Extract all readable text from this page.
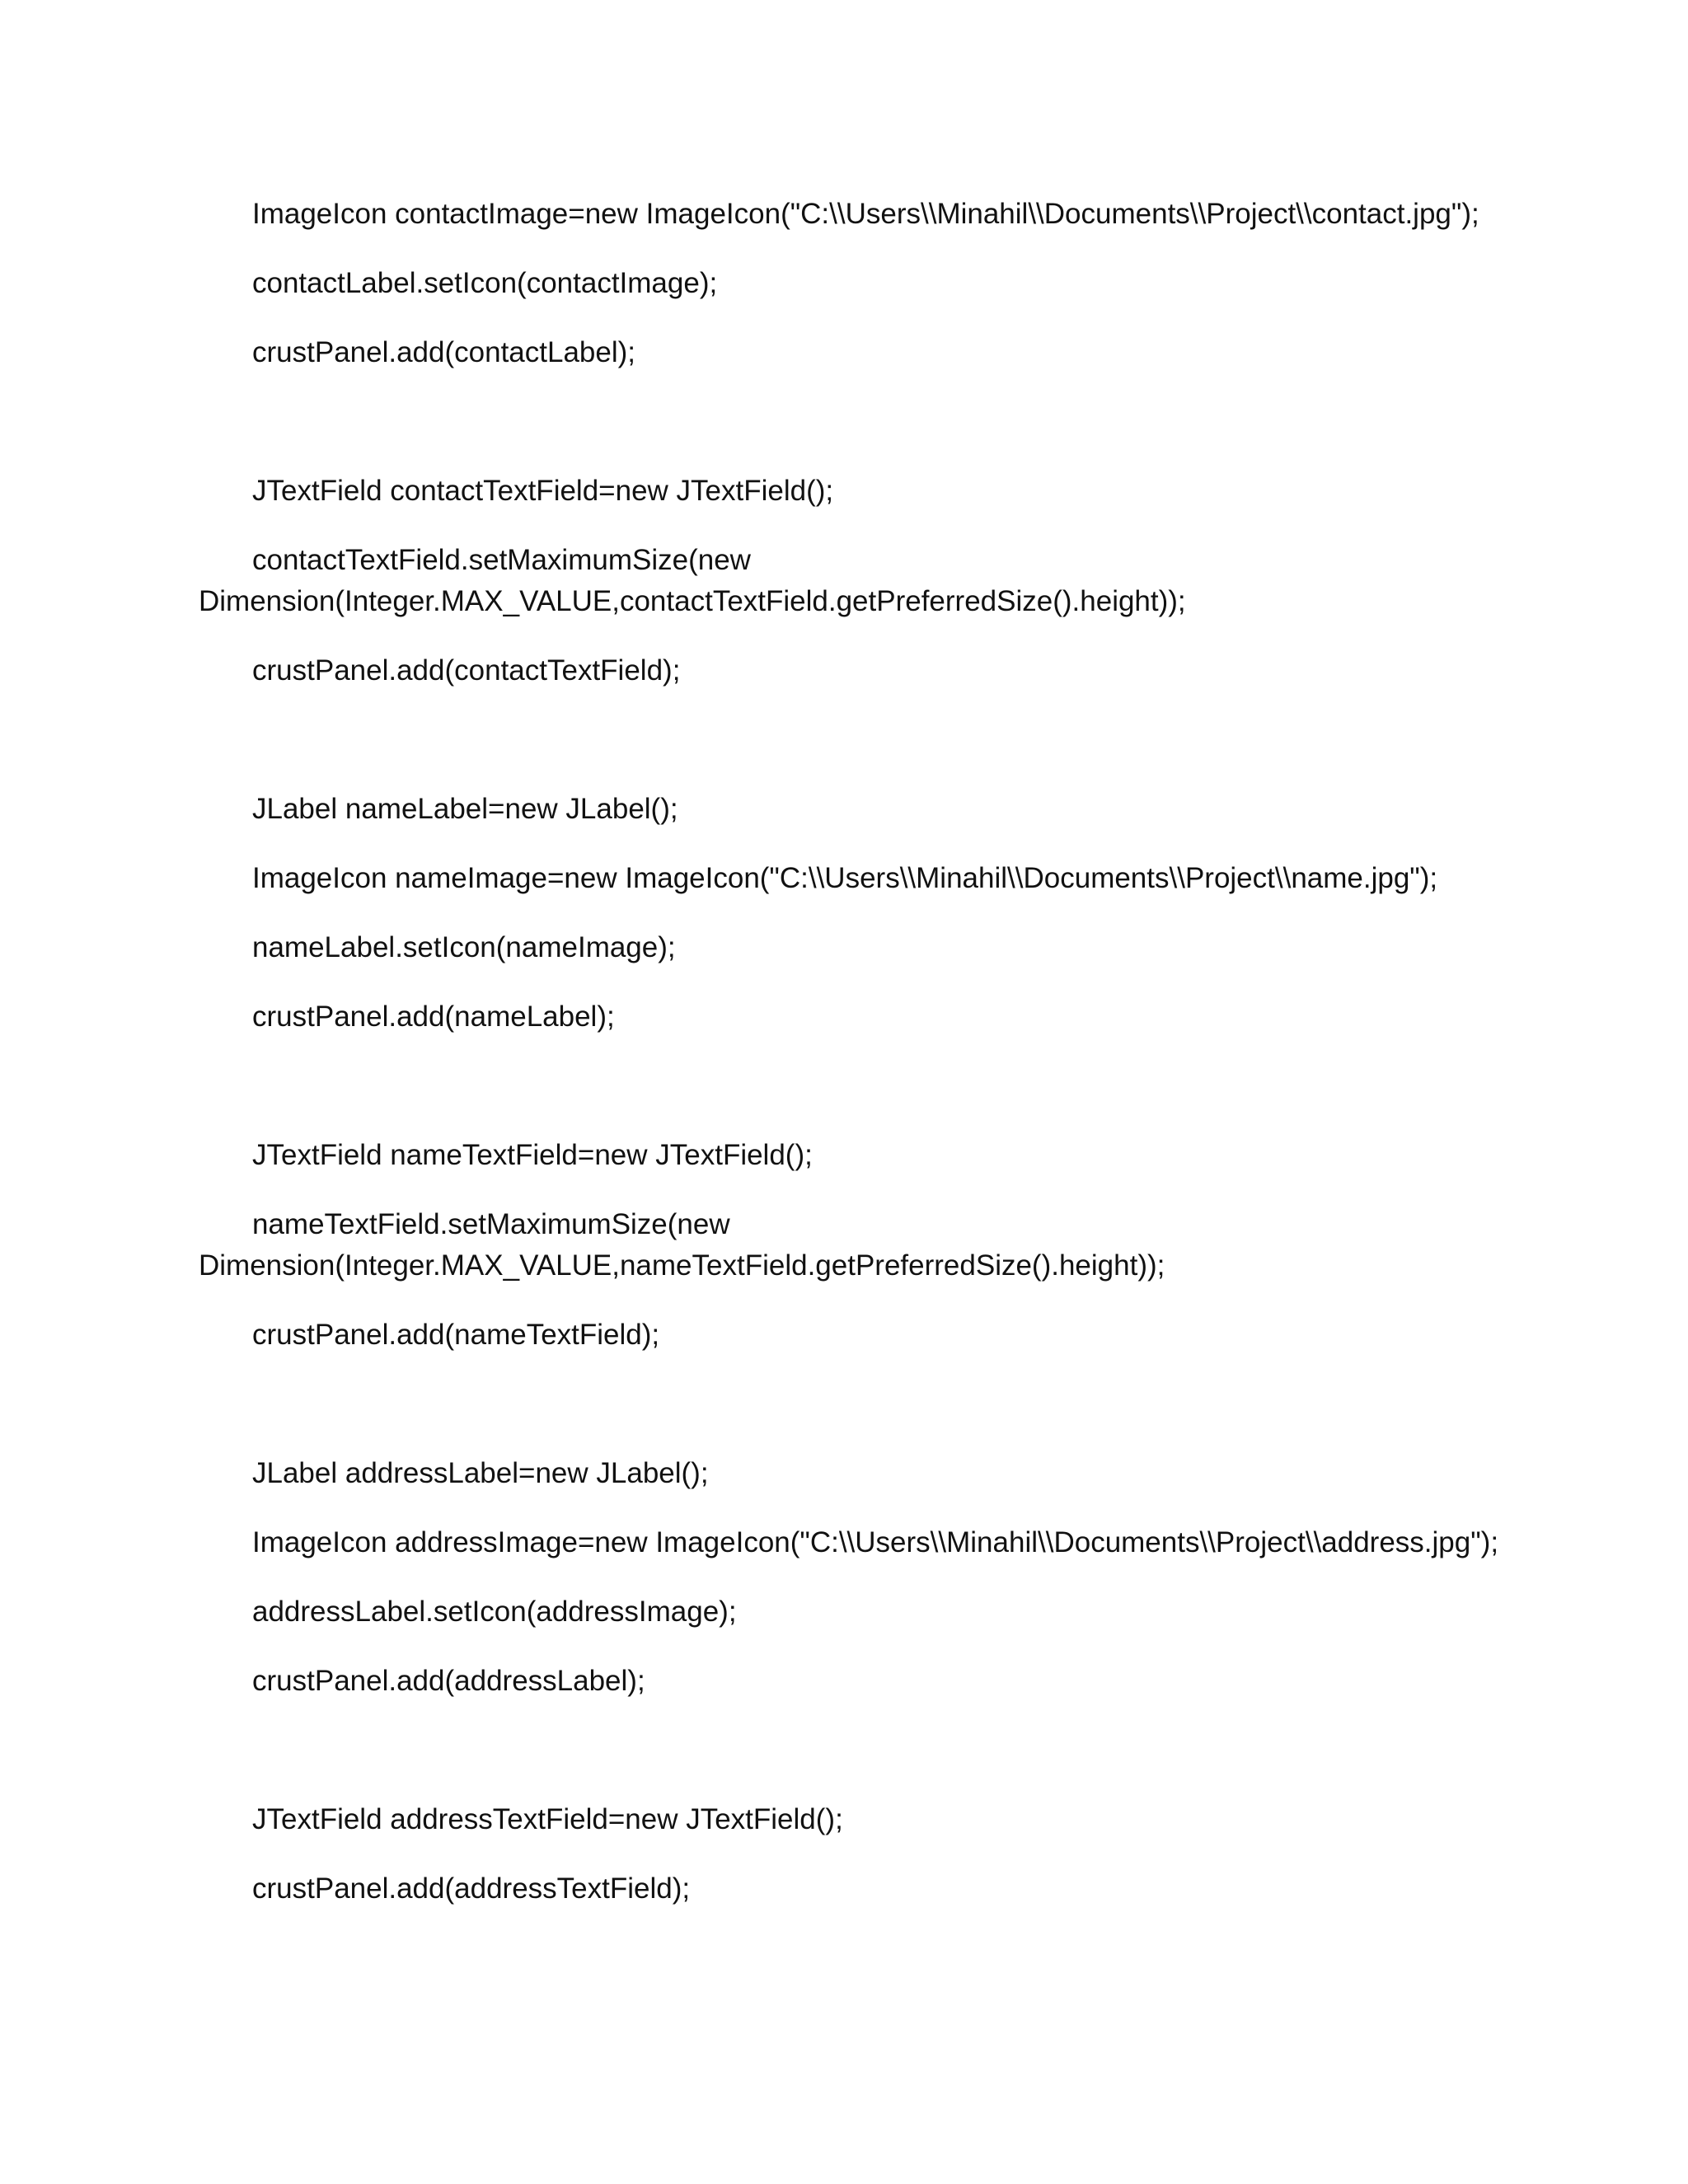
ImageIcon contactImage=new ImageIcon("C:\\Users\\Minahil\\Documents\\Project\\contact.jpg");
contactLabel.setIcon(contactImage);
crustPanel.add(contactLabel);
JTextField contactTextField=new JTextField();
contactTextField.setMaximumSize(new
Dimension(Integer.MAX_VALUE,contactTextField.getPreferredSize().height));
crustPanel.add(contactTextField);
JLabel nameLabel=new JLabel();
ImageIcon nameImage=new ImageIcon("C:\\Users\\Minahil\\Documents\\Project\\name.jpg");
nameLabel.setIcon(nameImage);
crustPanel.add(nameLabel);
JTextField nameTextField=new JTextField();
nameTextField.setMaximumSize(new
Dimension(Integer.MAX_VALUE,nameTextField.getPreferredSize().height));
crustPanel.add(nameTextField);
JLabel addressLabel=new JLabel();
ImageIcon addressImage=new ImageIcon("C:\\Users\\Minahil\\Documents\\Project\\address.jpg");
addressLabel.setIcon(addressImage);
crustPanel.add(addressLabel);
JTextField addressTextField=new JTextField();
crustPanel.add(addressTextField);
